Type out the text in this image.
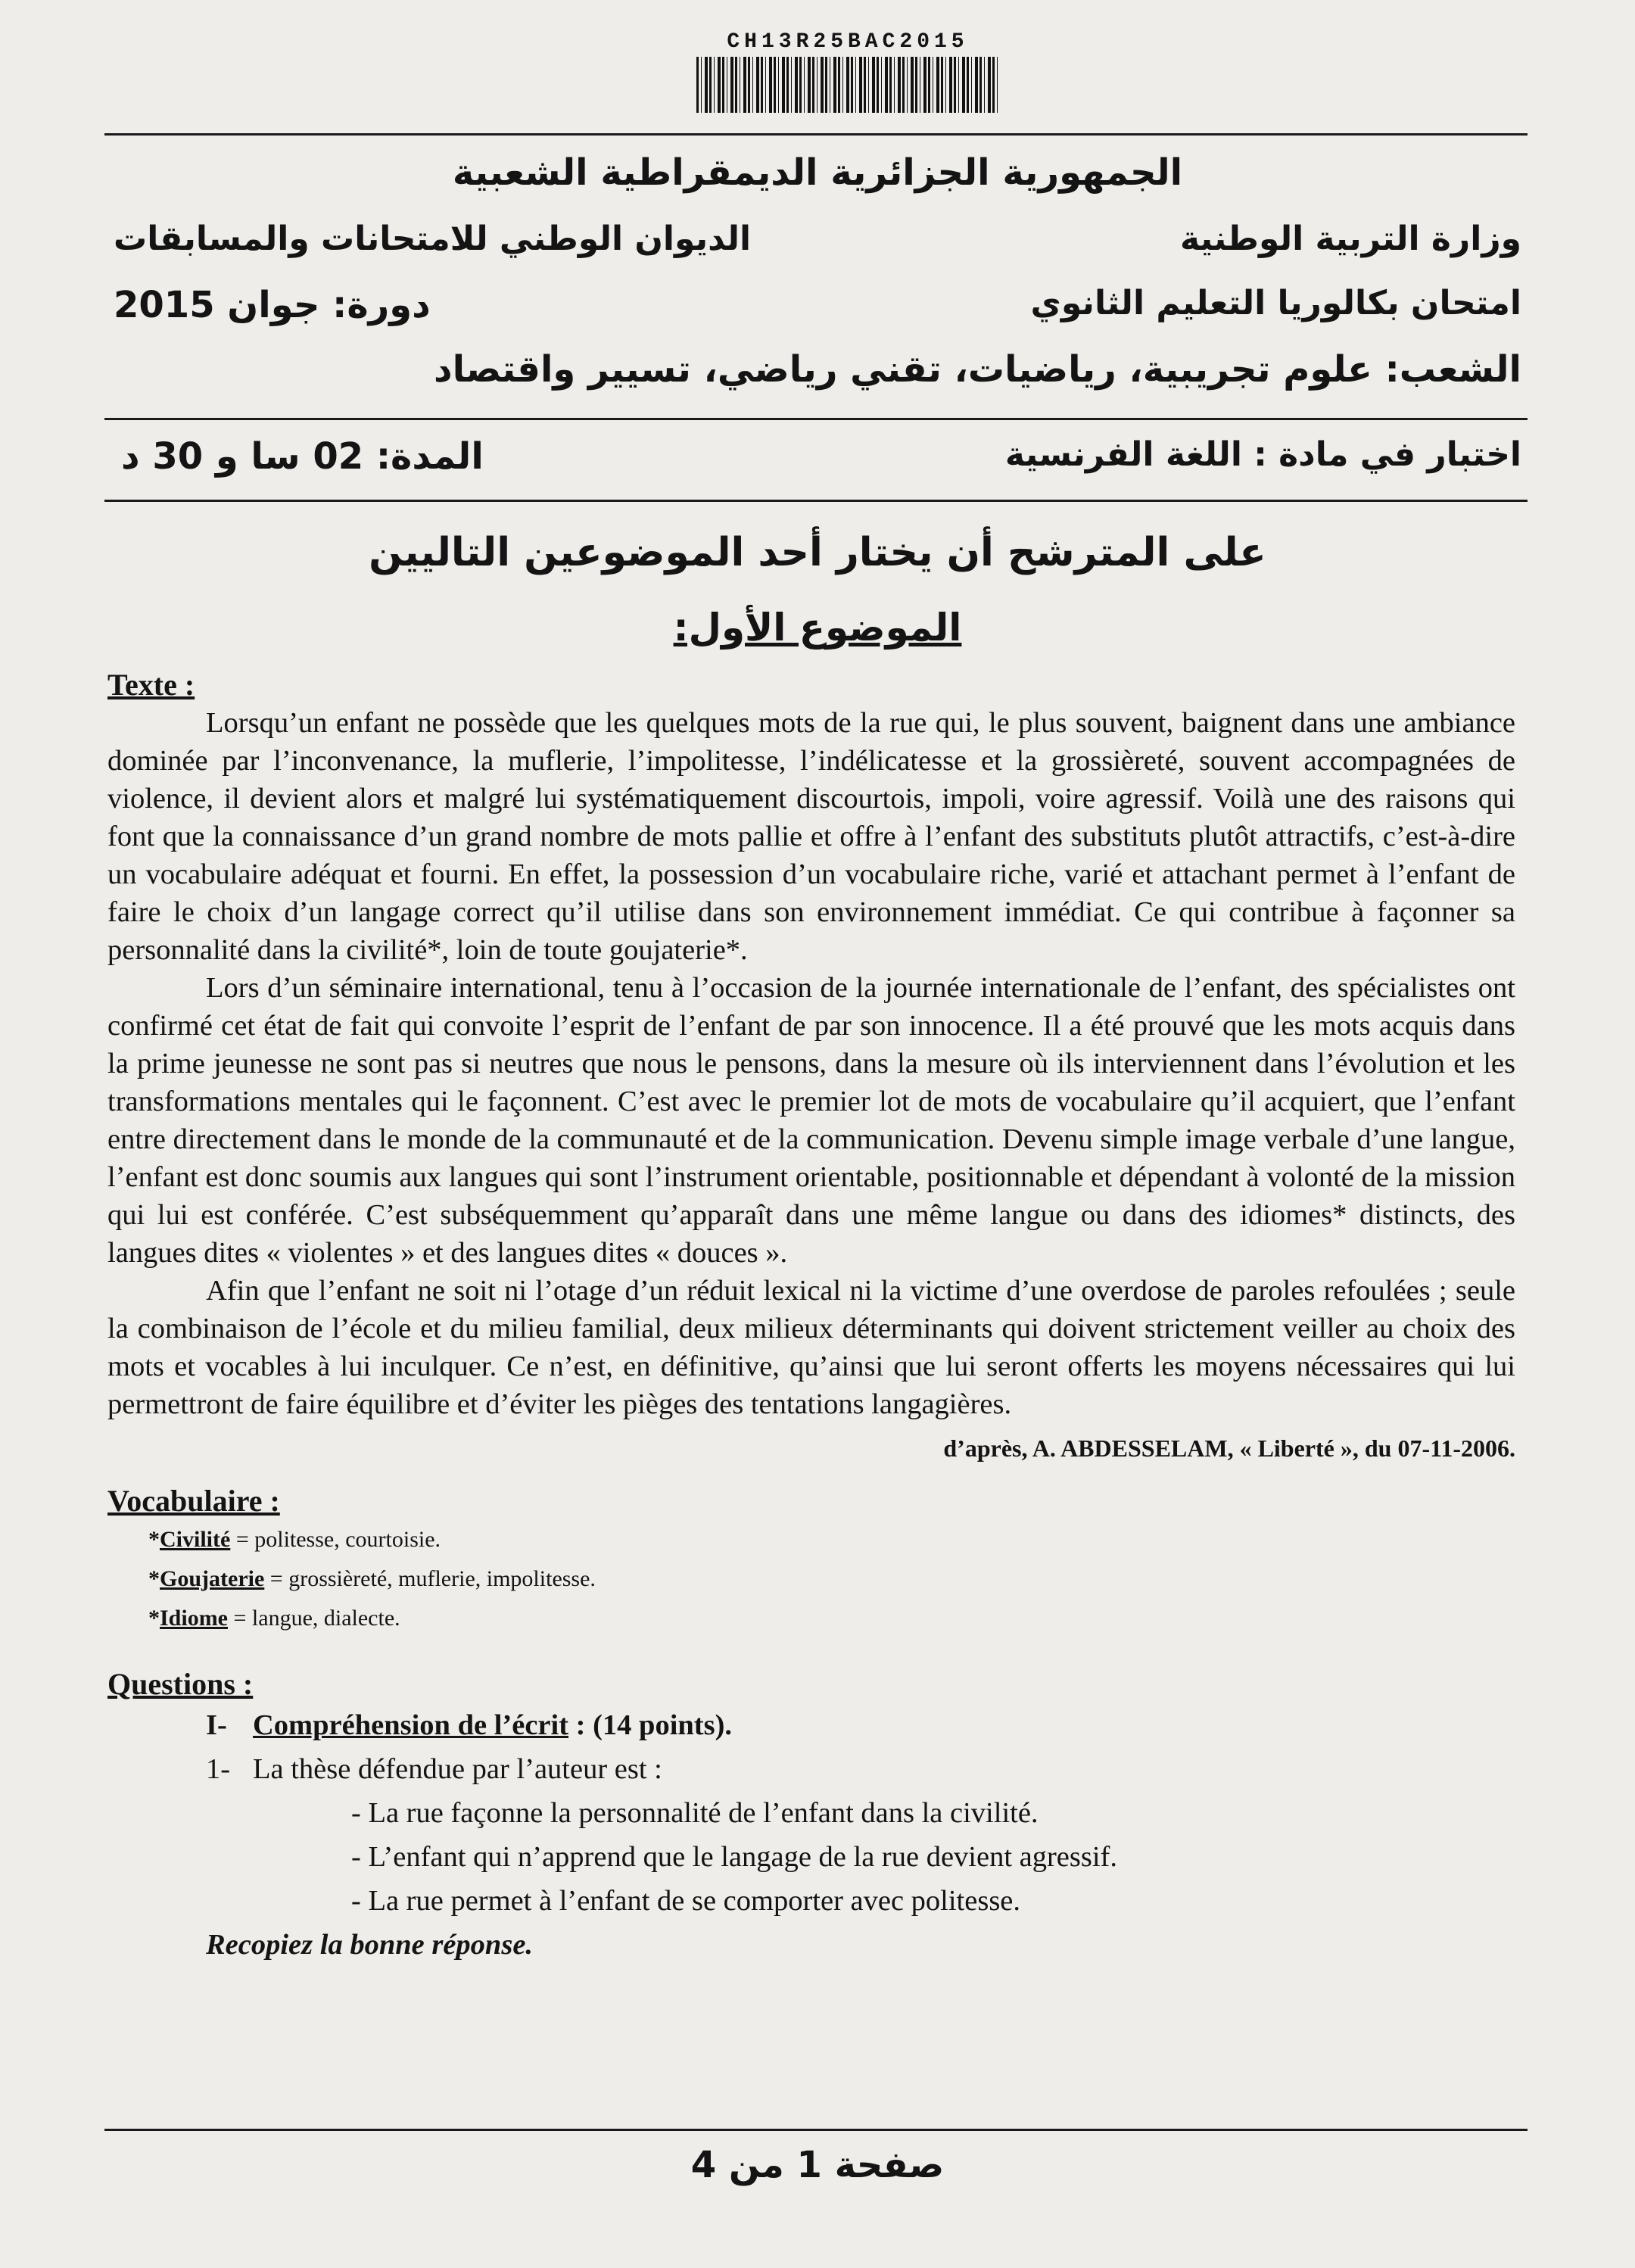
CH13R25BAC2015
الجمهورية الجزائرية الديمقراطية الشعبية
وزارة التربية الوطنية
الديوان الوطني للامتحانات والمسابقات
امتحان بكالوريا التعليم الثانوي
دورة: جوان 2015
الشعب: علوم تجريبية، رياضيات، تقني رياضي، تسيير واقتصاد
اختبار في مادة : اللغة الفرنسية
المدة: 02 سا و 30 د
على المترشح أن يختار أحد الموضوعين التاليين
الموضوع الأول:
Texte :

Lorsqu’un enfant ne possède que les quelques mots de la rue qui, le plus souvent, baignent dans une ambiance dominée par l’inconvenance, la muflerie, l’impolitesse, l’indélicatesse et la grossièreté, souvent accompagnées de violence, il devient alors et malgré lui systématiquement discourtois, impoli, voire agressif. Voilà une des raisons qui font que la connaissance d’un grand nombre de mots pallie et offre à l’enfant des substituts plutôt attractifs, c’est-à-dire un vocabulaire adéquat et fourni. En effet, la possession d’un vocabulaire riche, varié et attachant permet à l’enfant de faire le choix d’un langage correct qu’il utilise dans son environnement immédiat. Ce qui contribue à façonner sa personnalité dans la civilité*, loin de toute goujaterie*.

Lors d’un séminaire international, tenu à l’occasion de la journée internationale de l’enfant, des spécialistes ont confirmé cet état de fait qui convoite l’esprit de l’enfant de par son innocence. Il a été prouvé que les mots acquis dans la prime jeunesse ne sont pas si neutres que nous le pensons, dans la mesure où ils interviennent dans l’évolution et les transformations mentales qui le façonnent. C’est avec le premier lot de mots de vocabulaire qu’il acquiert, que l’enfant entre directement dans le monde de la communauté et de la communication. Devenu simple image verbale d’une langue, l’enfant est donc soumis aux langues qui sont l’instrument orientable, positionnable et dépendant à volonté de la mission qui lui est conférée. C’est subséquemment qu’apparaît dans une même langue ou dans des idiomes* distincts, des langues dites « violentes » et des langues dites « douces ».

Afin que l’enfant ne soit ni l’otage d’un réduit lexical ni la victime d’une overdose de paroles refoulées ; seule la combinaison de l’école et du milieu familial, deux milieux déterminants qui doivent strictement veiller au choix des mots et vocables à lui inculquer. Ce n’est, en définitive, qu’ainsi que lui seront offerts les moyens nécessaires qui lui permettront de faire équilibre et d’éviter les pièges des tentations langagières.

d’après, A. ABDESSELAM, « Liberté », du 07-11-2006.
Vocabulaire :
*Civilité = politesse, courtoisie.
*Goujaterie = grossièreté, muflerie, impolitesse.
*Idiome = langue, dialecte.
Questions :
I- Compréhension de l’écrit : (14 points).
1- La thèse défendue par l’auteur est :
- La rue façonne la personnalité de l’enfant dans la civilité.
- L’enfant qui n’apprend que le langage de la rue devient agressif.
- La rue permet à l’enfant de se comporter avec politesse.
Recopiez la bonne réponse.
صفحة 1 من 4
